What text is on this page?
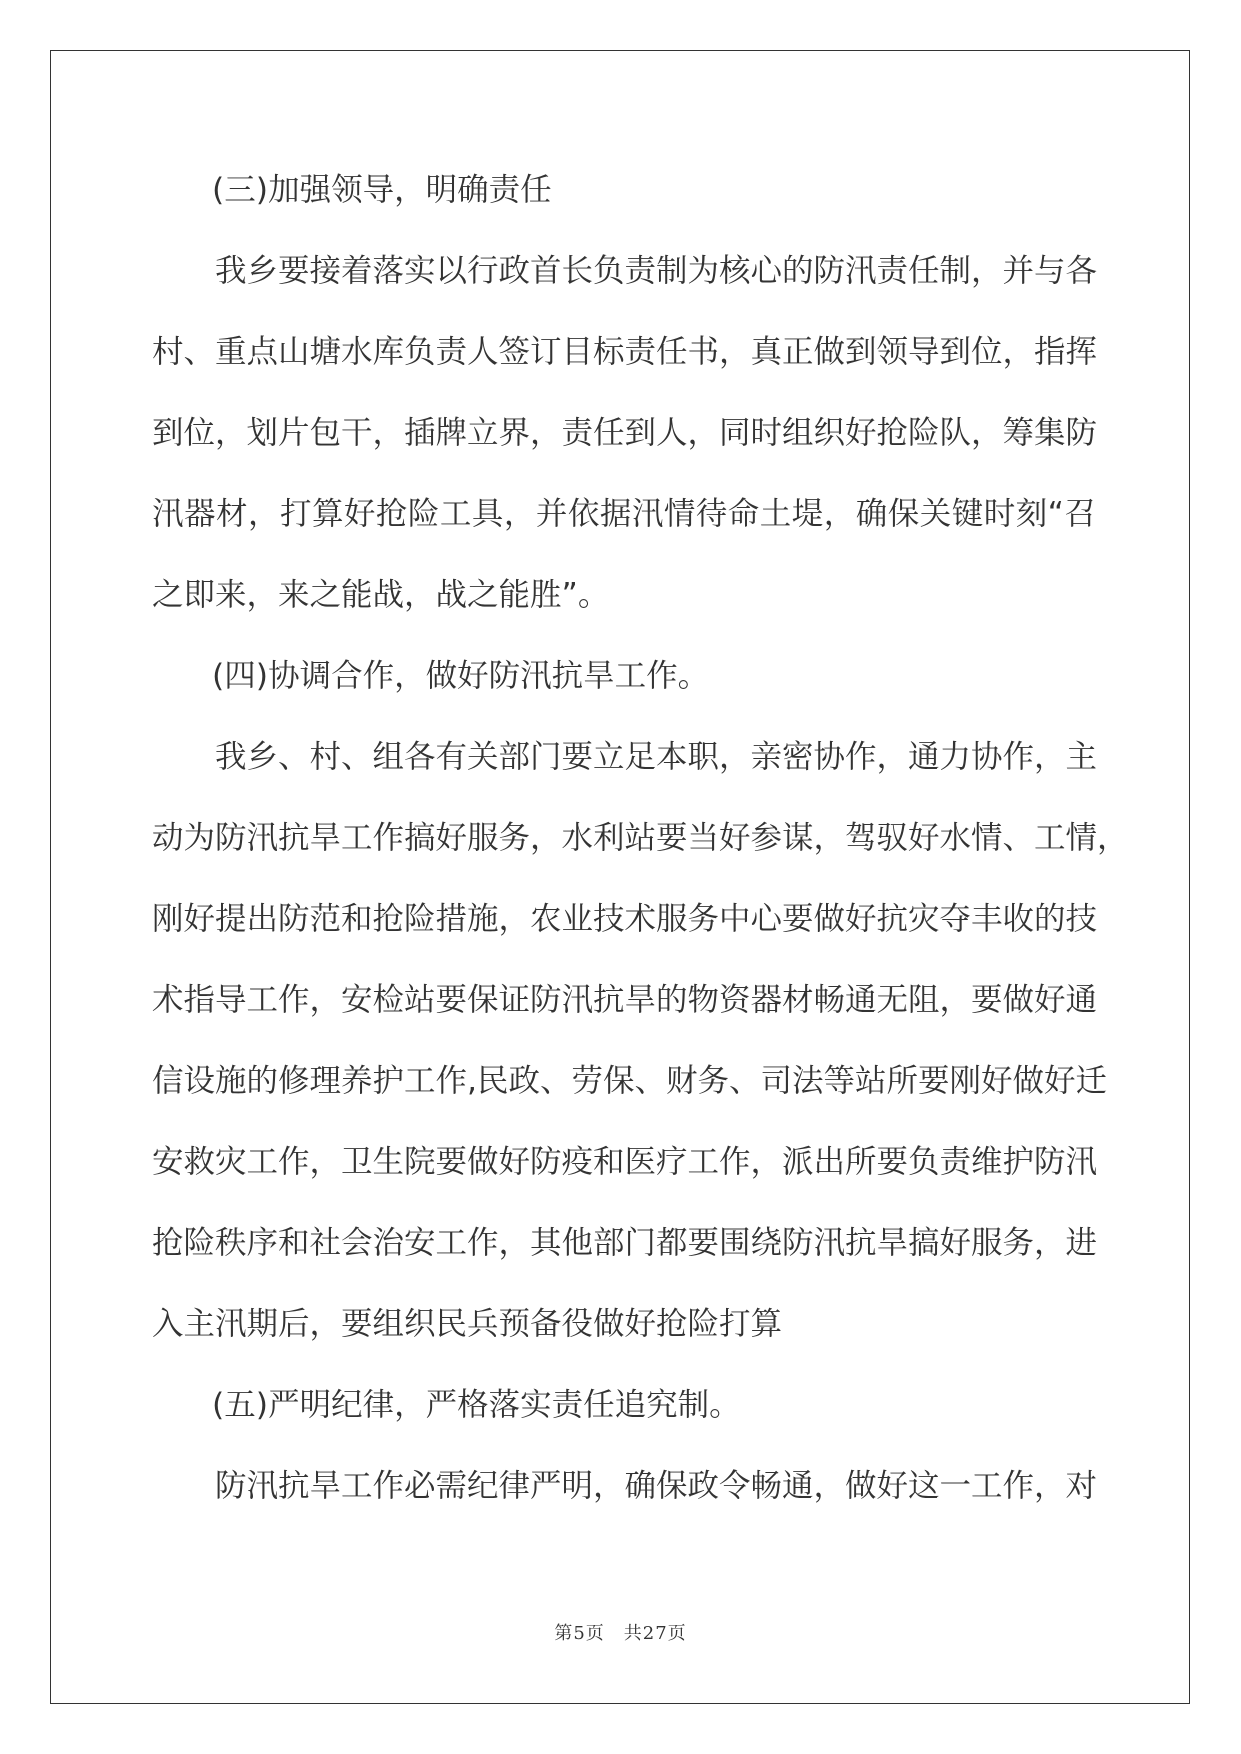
(三)加强领导，明确责任

我乡要接着落实以行政首长负责制为核心的防汛责任制，并与各
村、重点山塘水库负责人签订目标责任书，真正做到领导到位，指挥
到位，划片包干，插牌立界，责任到人，同时组织好抢险队，筹集防
汛器材，打算好抢险工具，并依据汛情待命土堤，确保关键时刻“召
之即来，来之能战，战之能胜”。

(四)协调合作，做好防汛抗旱工作。

我乡、村、组各有关部门要立足本职，亲密协作，通力协作，主
动为防汛抗旱工作搞好服务，水利站要当好参谋，驾驭好水情、工情，
刚好提出防范和抢险措施，农业技术服务中心要做好抗灾夺丰收的技
术指导工作，安检站要保证防汛抗旱的物资器材畅通无阻，要做好通
信设施的修理养护工作,民政、劳保、财务、司法等站所要刚好做好迁
安救灾工作，卫生院要做好防疫和医疗工作，派出所要负责维护防汛
抢险秩序和社会治安工作，其他部门都要围绕防汛抗旱搞好服务，进
入主汛期后，要组织民兵预备役做好抢险打算

(五)严明纪律，严格落实责任追究制。

防汛抗旱工作必需纪律严明，确保政令畅通，做好这一工作，对
第5页　 共27页
